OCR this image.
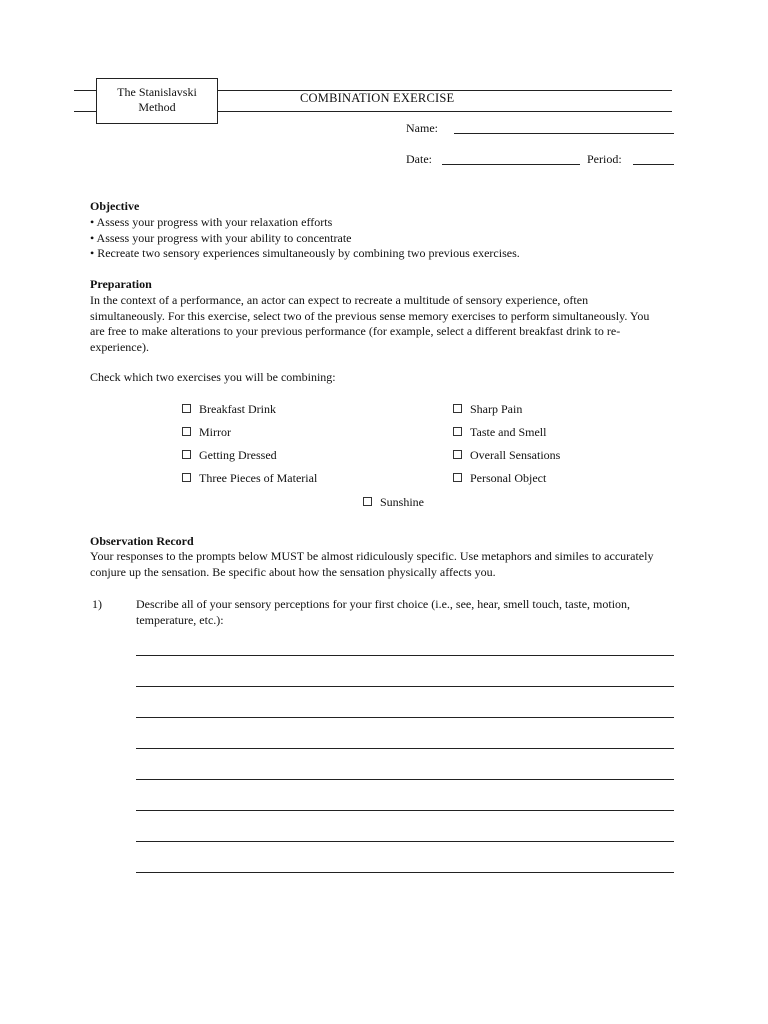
The Stanislavski
Method
COMBINATION EXERCISE
Name:
Date:	Period:
Objective
• Assess your progress with your relaxation efforts
• Assess your progress with your ability to concentrate
• Recreate two sensory experiences simultaneously by combining two previous exercises.
Preparation
In the context of a performance, an actor can expect to recreate a multitude of sensory experience, often simultaneously. For this exercise, select two of the previous sense memory exercises to perform simultaneously. You are free to make alterations to your previous performance (for example, select a different breakfast drink to re-experience).
Check which two exercises you will be combining:
Breakfast Drink
Mirror
Getting Dressed
Three Pieces of Material
Sharp Pain
Taste and Smell
Overall Sensations
Personal Object
Sunshine
Observation Record
Your responses to the prompts below MUST be almost ridiculously specific. Use metaphors and similes to accurately conjure up the sensation. Be specific about how the sensation physically affects you.
1)	Describe all of your sensory perceptions for your first choice (i.e., see, hear, smell touch, taste, motion, temperature, etc.):
